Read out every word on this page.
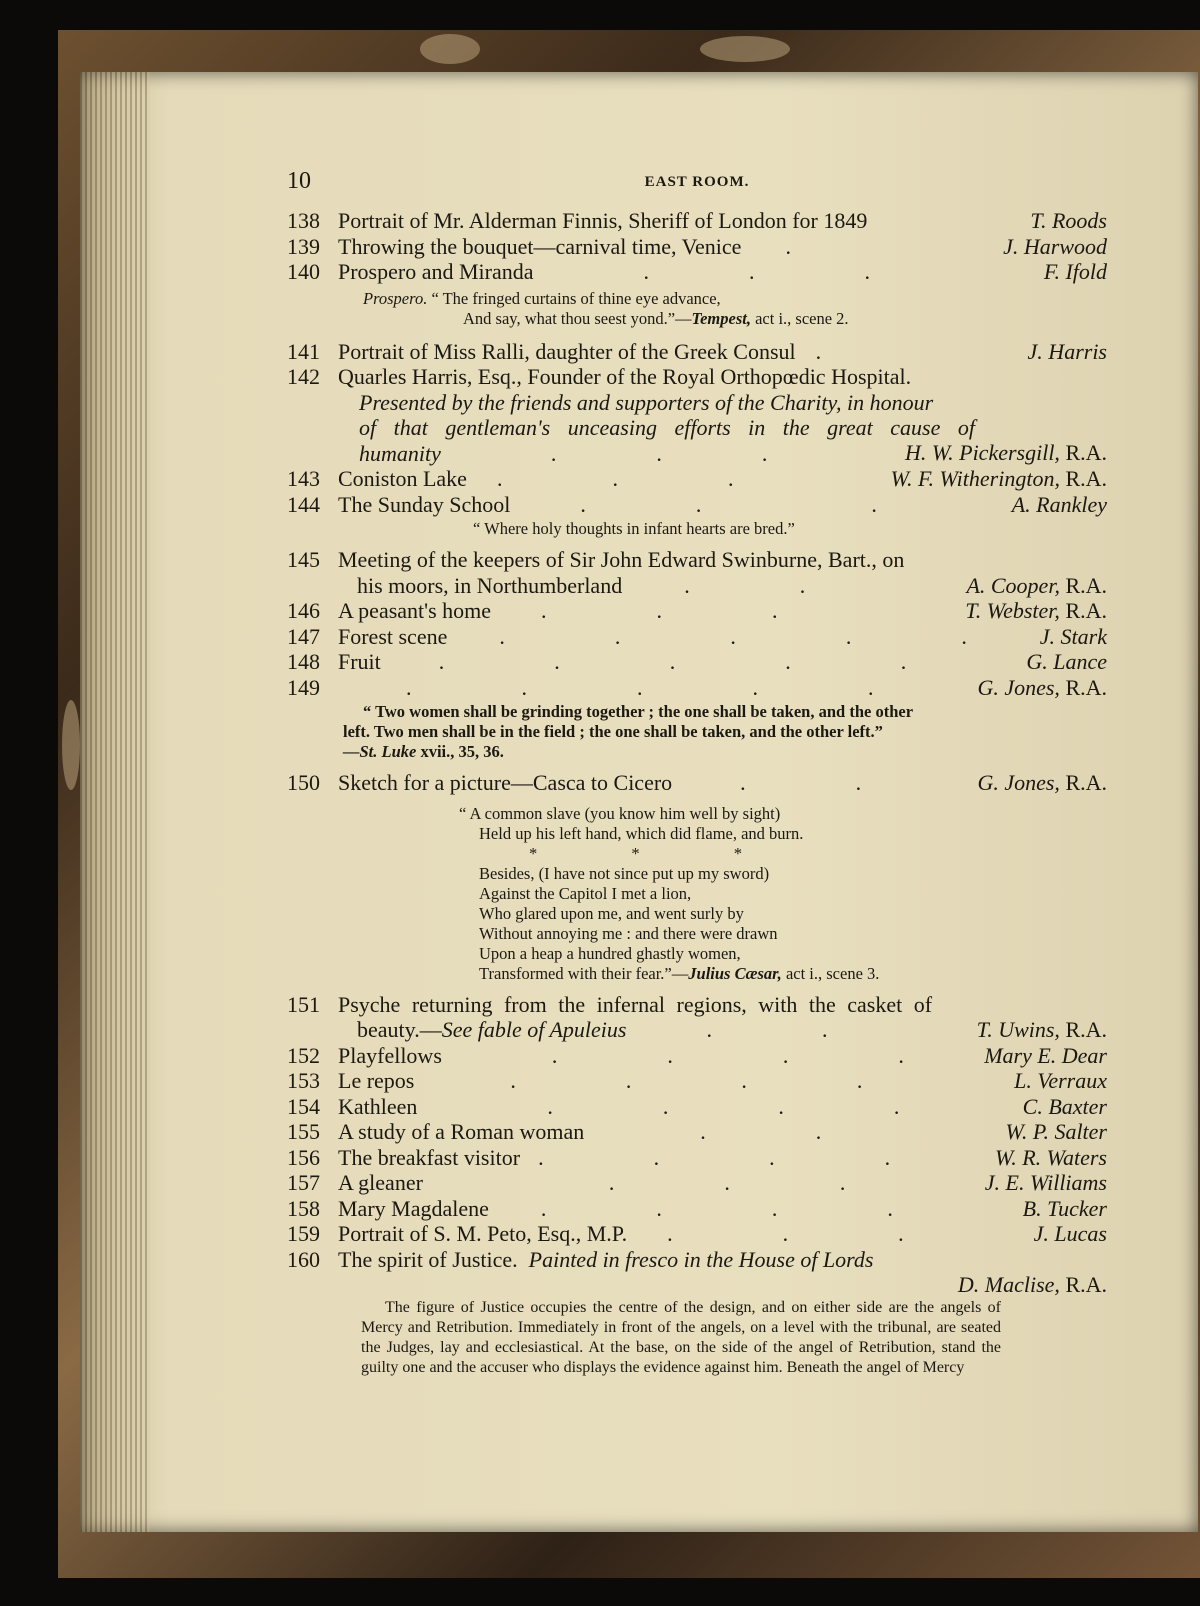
10	EAST ROOM.
138 Portrait of Mr. Alderman Finnis, Sheriff of London for 1849	T. Roods
139 Throwing the bouquet—carnival time, Venice .	J. Harwood
140 Prospero and Miranda	.	.	.	F. Ifold
Prospero. “ The fringed curtains of thine eye advance,
And say, what thou seest yond.”—Tempest, act i., scene 2.
141 Portrait of Miss Ralli, daughter of the Greek Consul .	J. Harris
142 Quarles Harris, Esq., Founder of the Royal Orthopœdic Hospital.
Presented by the friends and supporters of the Charity, in honour
of that gentleman's unceasing efforts in the great cause of
humanity	.	.	.	H. W. Pickersgill, R.A.
143 Coniston Lake .	.	.	W. F. Witherington, R.A.
144 The Sunday School	.	.	.	A. Rankley
“ Where holy thoughts in infant hearts are bred.”
145 Meeting of the keepers of Sir John Edward Swinburne, Bart., on
his moors, in Northumberland	.	.	A. Cooper, R.A.
146 A peasant's home .	.	.	T. Webster, R.A.
147 Forest scene .	.	.	.	.	J. Stark
148 Fruit	.	.	.	.	.	G. Lance
149	.	.	.	.	.	G. Jones, R.A.
“ Two women shall be grinding together ; the one shall be taken, and the other
left. Two men shall be in the field ; the one shall be taken, and the other left.”
—St. Luke xvii., 35, 36.
150 Sketch for a picture—Casca to Cicero	.	.	G. Jones, R.A.
“ A common slave (you know him well by sight)
Held up his left hand, which did flame, and burn.
* * *
Besides, (I have not since put up my sword)
Against the Capitol I met a lion,
Who glared upon me, and went surly by
Without annoying me : and there were drawn
Upon a heap a hundred ghastly women,
Transformed with their fear.”—Julius Cæsar, act i., scene 3.
151 Psyche returning from the infernal regions, with the casket of
beauty.—See fable of Apuleius	.	.	T. Uwins, R.A.
152 Playfellows	.	.	.	.	Mary E. Dear
153 Le repos	.	.	.	.	L. Verraux
154 Kathleen	.	.	.	.	C. Baxter
155 A study of a Roman woman	.	.	W. P. Salter
156 The breakfast visitor .	.	.	.	W. R. Waters
157 A gleaner	.	.	.	J. E. Williams
158 Mary Magdalene .	.	.	.	B. Tucker
159 Portrait of S. M. Peto, Esq., M.P. .	.	.	J. Lucas
160 The spirit of Justice. Painted in fresco in the House of Lords
D. Maclise, R.A.
The figure of Justice occupies the centre of the design, and on either side are the angels of Mercy and Retribution. Immediately in front of the angels, on a level with the tribunal, are seated the Judges, lay and ecclesiastical. At the base, on the side of the angel of Retribution, stand the guilty one and the accuser who displays the evidence against him. Beneath the angel of Mercy
